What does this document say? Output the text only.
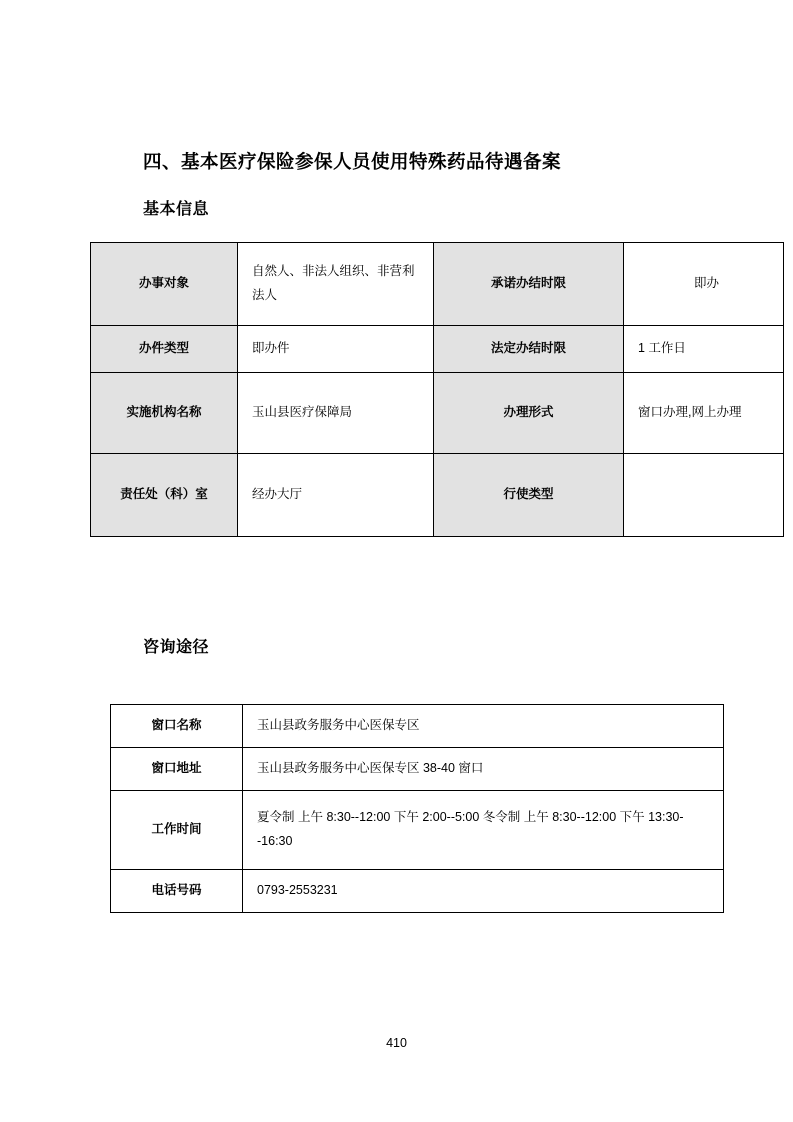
四、基本医疗保险参保人员使用特殊药品待遇备案
基本信息
办事对象	自然人、非法人组织、非营利法人	承诺办结时限	即办
办件类型	即办件	法定办结时限	1 工作日
实施机构名称	玉山县医疗保障局	办理形式	窗口办理,网上办理
责任处（科）室	经办大厅	行使类型	
咨询途径
窗口名称	玉山县政务服务中心医保专区
窗口地址	玉山县政务服务中心医保专区 38-40 窗口
工作时间	夏令制 上午 8:30--12:00 下午 2:00--5:00 冬令制 上午 8:30--12:00 下午 13:30--16:30
电话号码	0793-2553231
410
